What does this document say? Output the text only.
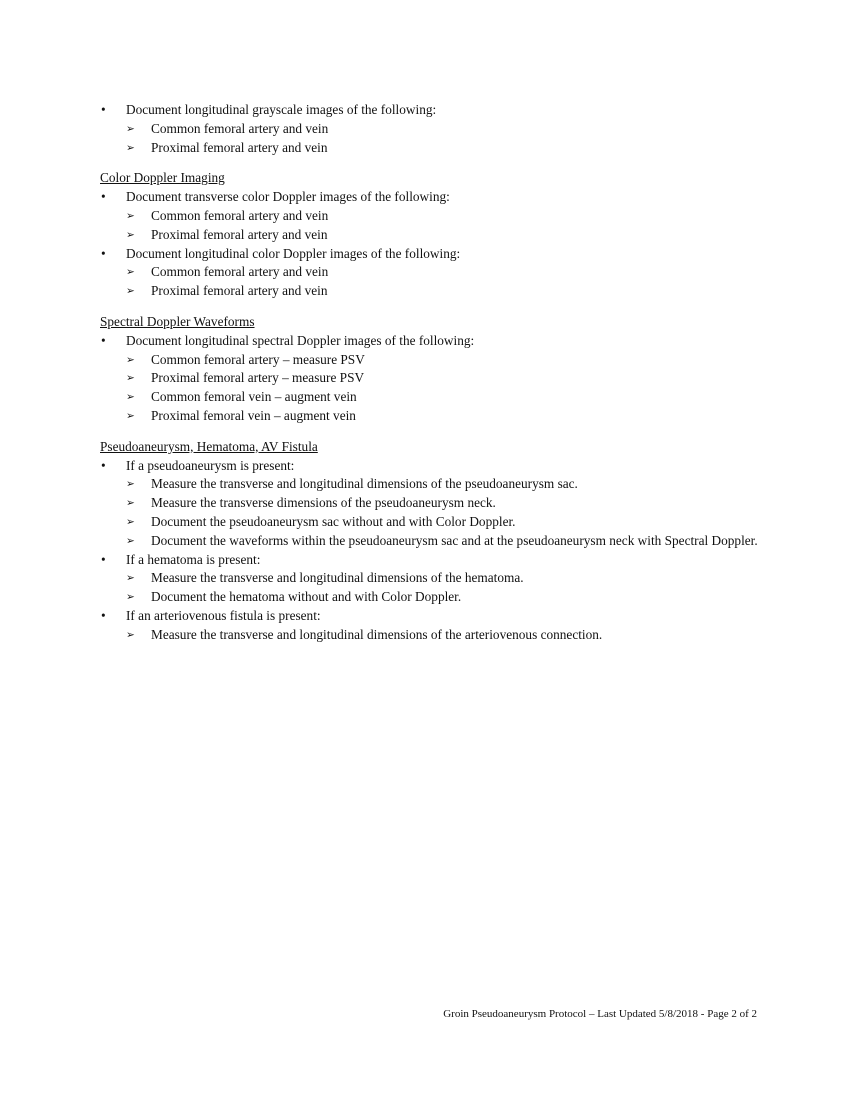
•	Document longitudinal grayscale images of the following:
➢ Common femoral artery and vein
➢ Proximal femoral artery and vein
Color Doppler Imaging
•	Document transverse color Doppler images of the following:
➢ Common femoral artery and vein
➢ Proximal femoral artery and vein
•	Document longitudinal color Doppler images of the following:
➢ Common femoral artery and vein
➢ Proximal femoral artery and vein
Spectral Doppler Waveforms
•	Document longitudinal spectral Doppler images of the following:
➢ Common femoral artery – measure PSV
➢ Proximal femoral artery – measure PSV
➢ Common femoral vein – augment vein
➢ Proximal femoral vein – augment vein
Pseudoaneurysm, Hematoma, AV Fistula
•	If a pseudoaneurysm is present:
➢ Measure the transverse and longitudinal dimensions of the pseudoaneurysm sac.
➢ Measure the transverse dimensions of the pseudoaneurysm neck.
➢ Document the pseudoaneurysm sac without and with Color Doppler.
➢ Document the waveforms within the pseudoaneurysm sac and at the pseudoaneurysm neck with Spectral Doppler.
•	If a hematoma is present:
➢ Measure the transverse and longitudinal dimensions of the hematoma.
➢ Document the hematoma without and with Color Doppler.
•	If an arteriovenous fistula is present:
➢ Measure the transverse and longitudinal dimensions of the arteriovenous connection.
Groin Pseudoaneurysm Protocol – Last Updated 5/8/2018 - Page 2 of 2
